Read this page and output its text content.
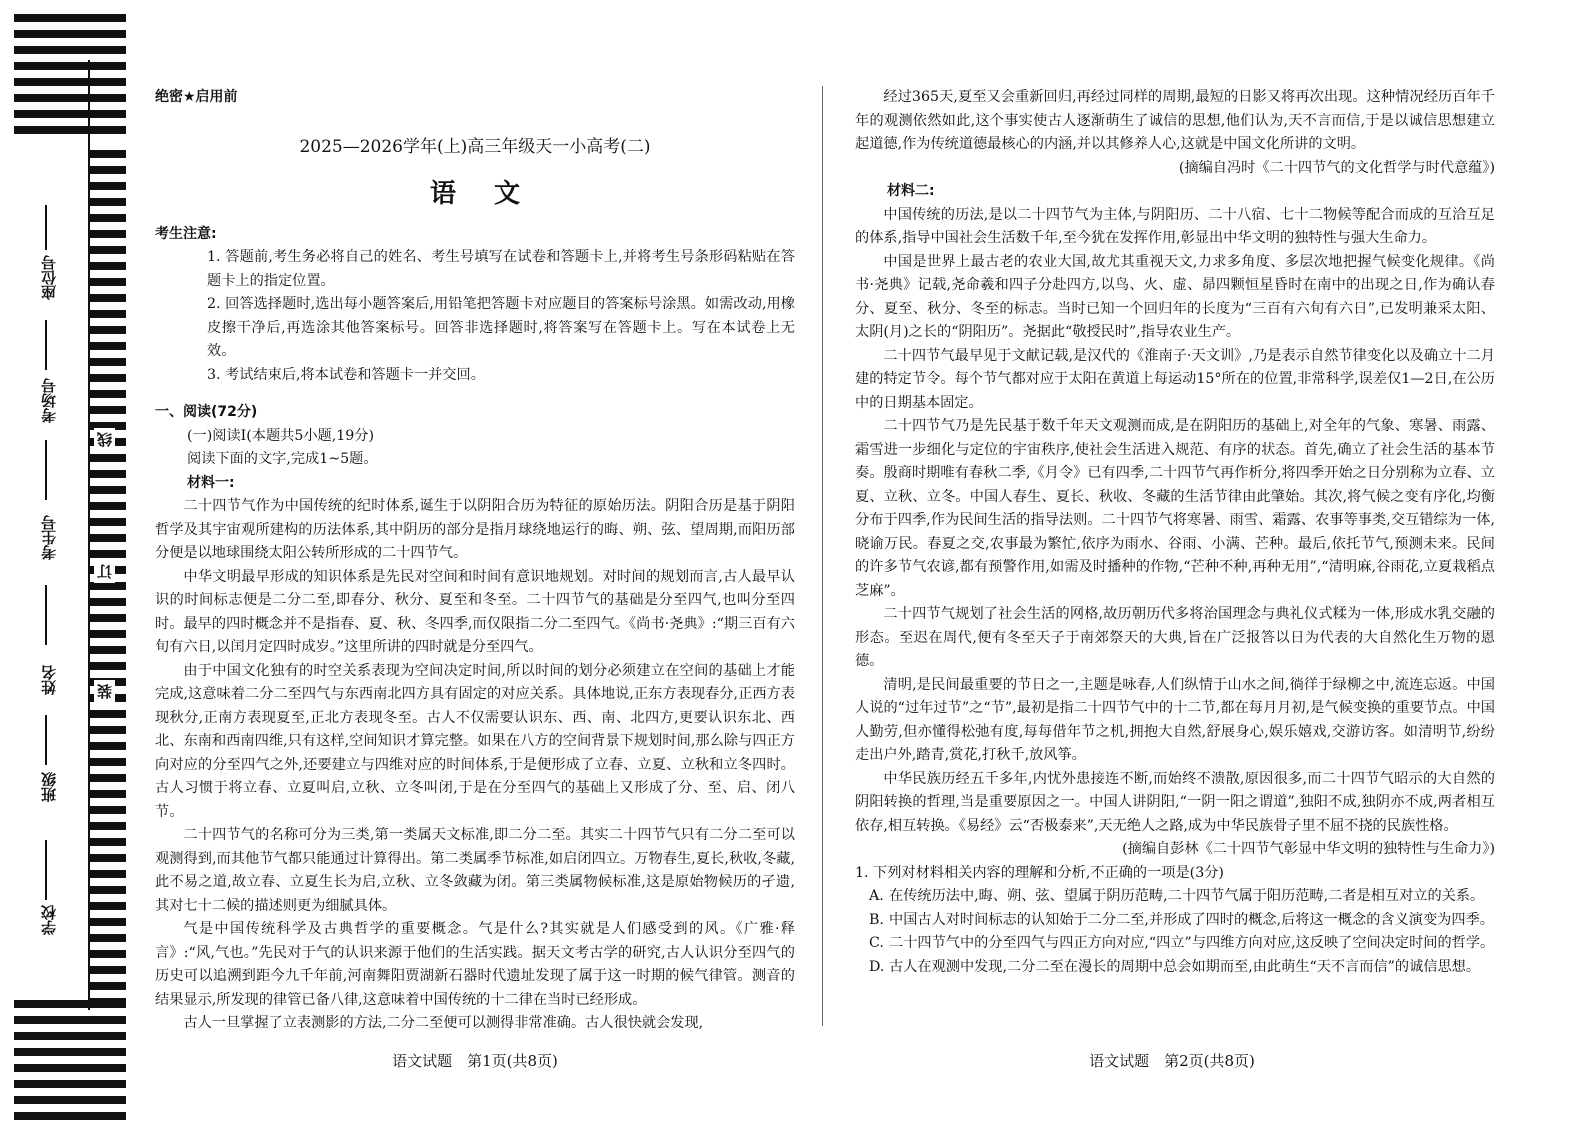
座位号
考场号
考生号
姓名
班级
学校
线
订
装

绝密★启用前

2025—2026学年(上)高三年级天一小高考(二)

语文

考生注意:

1. 答题前,考生务必将自己的姓名、考生号填写在试卷和答题卡上,并将考生号条形码粘贴在答题卡上的指定位置。

2. 回答选择题时,选出每小题答案后,用铅笔把答题卡对应题目的答案标号涂黑。如需改动,用橡皮擦干净后,再选涂其他答案标号。回答非选择题时,将答案写在答题卡上。写在本试卷上无效。

3. 考试结束后,将本试卷和答题卡一并交回。

一、阅读(72分)

(一)阅读Ⅰ(本题共5小题,19分)

阅读下面的文字,完成1~5题。

材料一:

二十四节气作为中国传统的纪时体系,诞生于以阴阳合历为特征的原始历法。阴阳合历是基于阴阳哲学及其宇宙观所建构的历法体系,其中阴历的部分是指月球绕地运行的晦、朔、弦、望周期,而阳历部分便是以地球围绕太阳公转所形成的二十四节气。

中华文明最早形成的知识体系是先民对空间和时间有意识地规划。对时间的规划而言,古人最早认识的时间标志便是二分二至,即春分、秋分、夏至和冬至。二十四节气的基础是分至四气,也叫分至四时。最早的四时概念并不是指春、夏、秋、冬四季,而仅限指二分二至四气。《尚书·尧典》:“期三百有六旬有六日,以闰月定四时成岁。”这里所讲的四时就是分至四气。

由于中国文化独有的时空关系表现为空间决定时间,所以时间的划分必须建立在空间的基础上才能完成,这意味着二分二至四气与东西南北四方具有固定的对应关系。具体地说,正东方表现春分,正西方表现秋分,正南方表现夏至,正北方表现冬至。古人不仅需要认识东、西、南、北四方,更要认识东北、西北、东南和西南四维,只有这样,空间知识才算完整。如果在八方的空间背景下规划时间,那么除与四正方向对应的分至四气之外,还要建立与四维对应的时间体系,于是便形成了立春、立夏、立秋和立冬四时。古人习惯于将立春、立夏叫启,立秋、立冬叫闭,于是在分至四气的基础上又形成了分、至、启、闭八节。

二十四节气的名称可分为三类,第一类属天文标准,即二分二至。其实二十四节气只有二分二至可以观测得到,而其他节气都只能通过计算得出。第二类属季节标准,如启闭四立。万物春生,夏长,秋收,冬藏,此不易之道,故立春、立夏生长为启,立秋、立冬敛藏为闭。第三类属物候标准,这是原始物候历的孑遗,其对七十二候的描述则更为细腻具体。

气是中国传统科学及古典哲学的重要概念。气是什么?其实就是人们感受到的风。《广雅·释言》:“风,气也。”先民对于气的认识来源于他们的生活实践。据天文考古学的研究,古人认识分至四气的历史可以追溯到距今九千年前,河南舞阳贾湖新石器时代遗址发现了属于这一时期的候气律管。测音的结果显示,所发现的律管已备八律,这意味着中国传统的十二律在当时已经形成。

古人一旦掌握了立表测影的方法,二分二至便可以测得非常准确。古人很快就会发现,

经过365天,夏至又会重新回归,再经过同样的周期,最短的日影又将再次出现。这种情况经历百年千年的观测依然如此,这个事实使古人逐渐萌生了诚信的思想,他们认为,天不言而信,于是以诚信思想建立起道德,作为传统道德最核心的内涵,并以其修养人心,这就是中国文化所讲的文明。

(摘编自冯时《二十四节气的文化哲学与时代意蕴》)

材料二:

中国传统的历法,是以二十四节气为主体,与阴阳历、二十八宿、七十二物候等配合而成的互洽互足的体系,指导中国社会生活数千年,至今犹在发挥作用,彰显出中华文明的独特性与强大生命力。

中国是世界上最古老的农业大国,故尤其重视天文,力求多角度、多层次地把握气候变化规律。《尚书·尧典》记载,尧命羲和四子分赴四方,以鸟、火、虚、昴四颗恒星昏时在南中的出现之日,作为确认春分、夏至、秋分、冬至的标志。当时已知一个回归年的长度为“三百有六旬有六日”,已发明兼采太阳、太阴(月)之长的“阴阳历”。尧据此“敬授民时”,指导农业生产。

二十四节气最早见于文献记载,是汉代的《淮南子·天文训》,乃是表示自然节律变化以及确立十二月建的特定节令。每个节气都对应于太阳在黄道上每运动15°所在的位置,非常科学,误差仅1—2日,在公历中的日期基本固定。

二十四节气乃是先民基于数千年天文观测而成,是在阴阳历的基础上,对全年的气象、寒暑、雨露、霜雪进一步细化与定位的宇宙秩序,使社会生活进入规范、有序的状态。首先,确立了社会生活的基本节奏。殷商时期唯有春秋二季,《月令》已有四季,二十四节气再作析分,将四季开始之日分别称为立春、立夏、立秋、立冬。中国人春生、夏长、秋收、冬藏的生活节律由此肇始。其次,将气候之变有序化,均衡分布于四季,作为民间生活的指导法则。二十四节气将寒暑、雨雪、霜露、农事等事类,交互错综为一体,晓谕万民。春夏之交,农事最为繁忙,依序为雨水、谷雨、小满、芒种。最后,依托节气,预测未来。民间的许多节气农谚,都有预警作用,如需及时播种的作物,“芒种不种,再种无用”,“清明麻,谷雨花,立夏栽稻点芝麻”。

二十四节气规划了社会生活的网格,故历朝历代多将治国理念与典礼仪式糅为一体,形成水乳交融的形态。至迟在周代,便有冬至天子于南郊祭天的大典,旨在广泛报答以日为代表的大自然化生万物的恩德。

清明,是民间最重要的节日之一,主题是咏春,人们纵情于山水之间,徜徉于绿柳之中,流连忘返。中国人说的“过年过节”之“节”,最初是指二十四节气中的十二节,都在每月月初,是气候变换的重要节点。中国人勤劳,但亦懂得松弛有度,每每借年节之机,拥抱大自然,舒展身心,娱乐嬉戏,交游访客。如清明节,纷纷走出户外,踏青,赏花,打秋千,放风筝。

中华民族历经五千多年,内忧外患接连不断,而始终不溃散,原因很多,而二十四节气昭示的大自然的阴阳转换的哲理,当是重要原因之一。中国人讲阴阳,“一阴一阳之谓道”,独阳不成,独阴亦不成,两者相互依存,相互转换。《易经》云“否极泰来”,天无绝人之路,成为中华民族骨子里不屈不挠的民族性格。

(摘编自彭林《二十四节气彰显中华文明的独特性与生命力》)

1. 下列对材料相关内容的理解和分析,不正确的一项是(3分)

A. 在传统历法中,晦、朔、弦、望属于阴历范畴,二十四节气属于阳历范畴,二者是相互对立的关系。

B. 中国古人对时间标志的认知始于二分二至,并形成了四时的概念,后将这一概念的含义演变为四季。

C. 二十四节气中的分至四气与四正方向对应,“四立”与四维方向对应,这反映了空间决定时间的哲学。

D. 古人在观测中发现,二分二至在漫长的周期中总会如期而至,由此萌生“天不言而信”的诚信思想。

语文试题　第1页(共8页)	语文试题　第2页(共8页)
